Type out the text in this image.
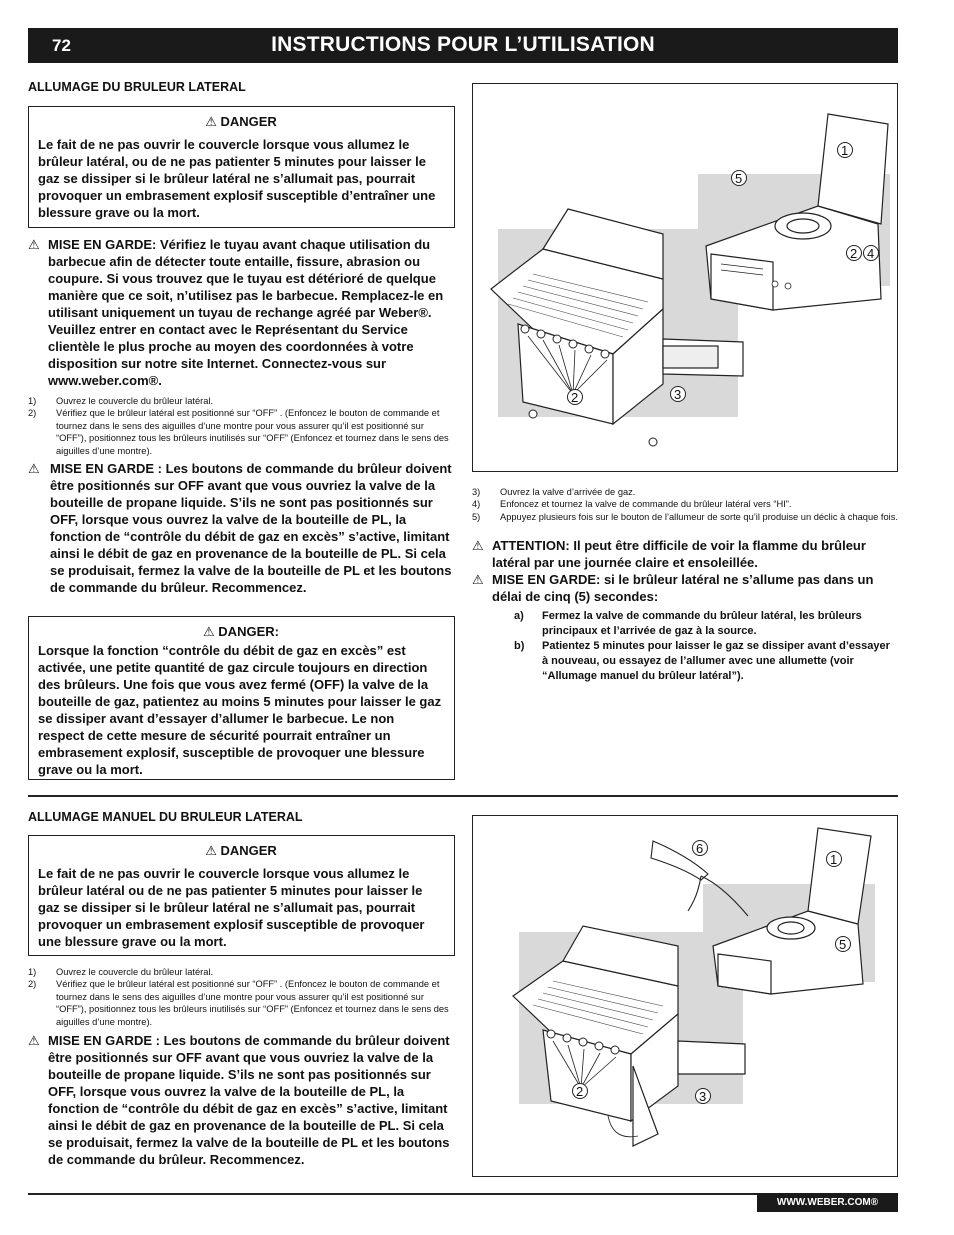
72	INSTRUCTIONS POUR L’UTILISATION
ALLUMAGE DU BRULEUR LATERAL
⚠ DANGER
Le fait de ne pas ouvrir le couvercle lorsque vous allumez le brûleur latéral, ou de ne pas patienter 5 minutes pour laisser le gaz se dissiper si le brûleur latéral ne s’allumait pas, pourrait provoquer un embrasement explosif susceptible d’entraîner une blessure grave ou la mort.
⚠ MISE EN GARDE: Vérifiez le tuyau avant chaque utilisation du barbecue afin de détecter toute entaille, fissure, abrasion ou coupure. Si vous trouvez que le tuyau est détérioré de quelque manière que ce soit, n’utilisez pas le barbecue. Remplacez-le en utilisant uniquement un tuyau de rechange agréé par Weber®. Veuillez entrer en contact avec le Représentant du Service clientèle le plus proche au moyen des coordonnées à votre disposition sur notre site Internet. Connectez-vous sur www.weber.com®.
1) Ouvrez le couvercle du brûleur latéral.
2) Vérifiez que le brûleur latéral est positionné sur “OFF” . (Enfoncez le bouton de commande et tournez dans le sens des aiguilles d’une montre pour vous assurer qu’il est positionné sur “OFF”), positionnez tous les brûleurs inutilisés sur “OFF” (Enfoncez et tournez dans le sens des aiguilles d’une montre).
⚠ MISE EN GARDE : Les boutons de commande du brûleur doivent être positionnés sur OFF avant que vous ouvriez la valve de la bouteille de propane liquide. S’ils ne sont pas positionnés sur OFF, lorsque vous ouvrez la valve de la bouteille de PL, la fonction de “contrôle du débit de gaz en excès” s’active, limitant ainsi le débit de gaz en provenance de la bouteille de PL. Si cela se produisait, fermez la valve de la bouteille de PL et les boutons de commande du brûleur. Recommencez.
⚠ DANGER:
Lorsque la fonction “contrôle du débit de gaz en excès” est activée, une petite quantité de gaz circule toujours en direction des brûleurs. Une fois que vous avez fermé (OFF) la valve de la bouteille de gaz, patientez au moins 5 minutes pour laisser le gaz se dissiper avant d’essayer d’allumer le barbecue. Le non respect de cette mesure de sécurité pourrait entraîner un embrasement explosif, susceptible de provoquer une blessure grave ou la mort.
1
5
2 4
2	3
3) Ouvrez la valve d’arrivée de gaz.
4) Enfoncez et tournez la valve de commande du brûleur latéral vers “HI”.
5) Appuyez plusieurs fois sur le bouton de l’allumeur de sorte qu’il produise un déclic à chaque fois.
⚠ ATTENTION: Il peut être difficile de voir la flamme du brûleur latéral par une journée claire et ensoleillée.
⚠ MISE EN GARDE: si le brûleur latéral ne s’allume pas dans un délai de cinq (5) secondes:
a) Fermez la valve de commande du brûleur latéral, les brûleurs principaux et l’arrivée de gaz à la source.
b) Patientez 5 minutes pour laisser le gaz se dissiper avant d’essayer à nouveau, ou essayez de l’allumer avec une allumette (voir “Allumage manuel du brûleur latéral”).
ALLUMAGE MANUEL DU BRULEUR LATERAL
⚠ DANGER
Le fait de ne pas ouvrir le couvercle lorsque vous allumez le brûleur latéral ou de ne pas patienter 5 minutes pour laisser le gaz se dissiper si le brûleur latéral ne s’allumait pas, pourrait provoquer un embrasement explosif susceptible de provoquer une blessure grave ou la mort.
1) Ouvrez le couvercle du brûleur latéral.
2) Vérifiez que le brûleur latéral est positionné sur “OFF” . (Enfoncez le bouton de commande et tournez dans le sens des aiguilles d’une montre pour vous assurer qu’il est positionné sur “OFF”), positionnez tous les brûleurs inutilisés sur “OFF” (Enfoncez et tournez dans le sens des aiguilles d’une montre).
⚠ MISE EN GARDE : Les boutons de commande du brûleur doivent être positionnés sur OFF avant que vous ouvriez la valve de la bouteille de propane liquide. S’ils ne sont pas positionnés sur OFF, lorsque vous ouvrez la valve de la bouteille de PL, la fonction de “contrôle du débit de gaz en excès” s’active, limitant ainsi le débit de gaz en provenance de la bouteille de PL. Si cela se produisait, fermez la valve de la bouteille de PL et les boutons de commande du brûleur. Recommencez.
6
1
5
2	3
WWW.WEBER.COM®
